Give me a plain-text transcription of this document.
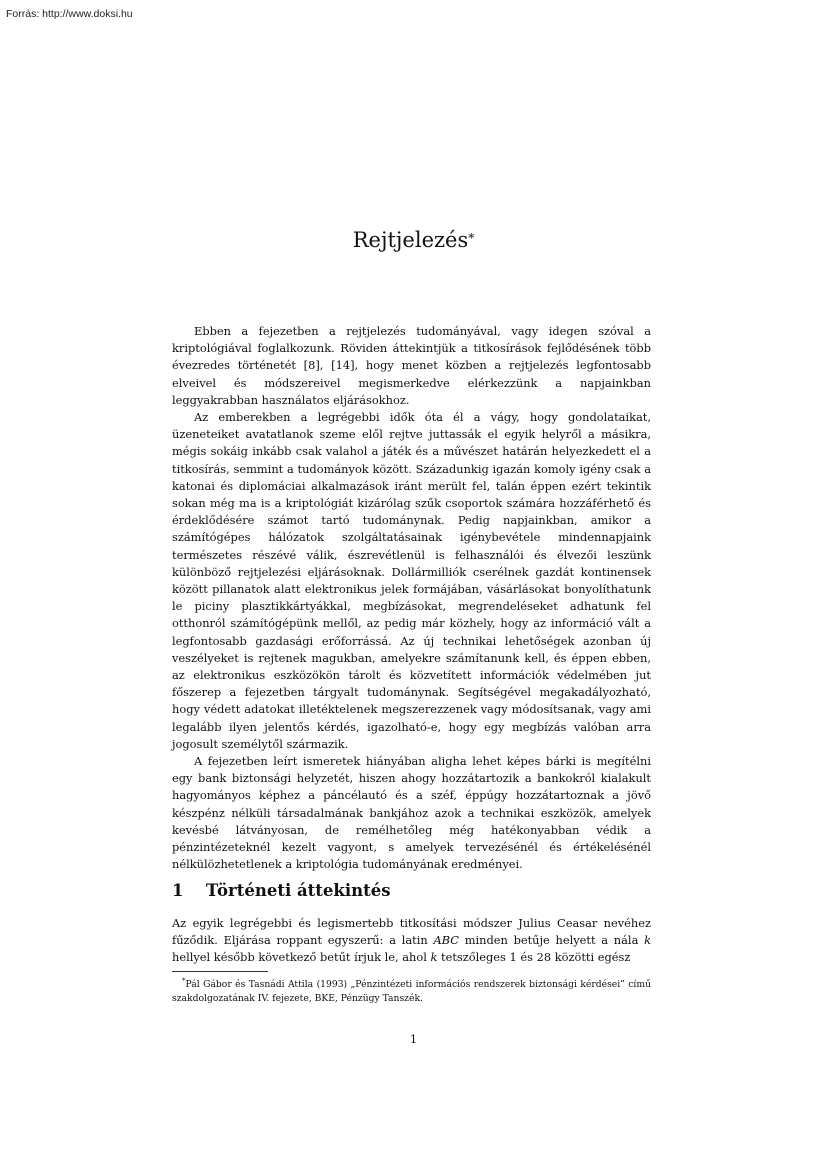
Forrás: http://www.doksi.hu
Rejtjelezés*

Ebben a fejezetben a rejtjelezés tudományával, vagy idegen szóval a kriptológiával foglalkozunk. Röviden áttekintjük a titkosírások fejlődésének több évezredes történetét [8], [14], hogy menet közben a rejtjelezés legfontosabb elveivel és módszereivel megismerkedve elérkezzünk a napjainkban leggyakrabban használatos eljárásokhoz.

Az emberekben a legrégebbi idők óta él a vágy, hogy gondolataikat, üzeneteiket avatatlanok szeme elől rejtve juttassák el egyik helyről a másikra, mégis sokáig inkább csak valahol a játék és a művészet határán helyezkedett el a titkosírás, semmint a tudományok között. Századunkig igazán komoly igény csak a katonai és diplomáciai alkalmazások iránt merült fel, talán éppen ezért tekintik sokan még ma is a kriptológiát kizárólag szűk csoportok számára hozzáférhető és érdeklődésére számot tartó tudománynak. Pedig napjainkban, amikor a számítógépes hálózatok szolgáltatásainak igénybevétele mindennapjaink természetes részévé válik, észrevétlenül is felhasználói és élvezői leszünk különböző rejtjelezési eljárásoknak. Dollármilliók cserélnek gazdát kontinensek között pillanatok alatt elektronikus jelek formájában, vásárlásokat bonyolíthatunk le piciny plasztikkártyákkal, megbízásokat, megrendeléseket adhatunk fel otthonról számítógépünk mellől, az pedig már közhely, hogy az információ vált a legfontosabb gazdasági erőforrássá. Az új technikai lehetőségek azonban új veszélyeket is rejtenek magukban, amelyekre számítanunk kell, és éppen ebben, az elektronikus eszközökön tárolt és közvetített információk védelmében jut főszerep a fejezetben tárgyalt tudománynak. Segítségével megakadályozható, hogy védett adatokat illetéktelenek megszerezzenek vagy módosítsanak, vagy ami legalább ilyen jelentős kérdés, igazolható-e, hogy egy megbízás valóban arra jogosult személytől származik.

A fejezetben leírt ismeretek hiányában aligha lehet képes bárki is megítélni egy bank biztonsági helyzetét, hiszen ahogy hozzátartozik a bankokról kialakult hagyományos képhez a páncélautó és a széf, éppúgy hozzátartoznak a jövő készpénz nélküli társadalmának bankjához azok a technikai eszközök, amelyek kevésbé látványosan, de remélhetőleg még hatékonyabban védik a pénzintézeteknél kezelt vagyont, s amelyek tervezésénél és értékelésénél nélkülözhetetlenek a kriptológia tudományának eredményei.

1 Történeti áttekintés

Az egyik legrégebbi és legismertebb titkosítási módszer Julius Ceasar nevéhez fűződik. Eljárása roppant egyszerű: a latin ABC minden betűje helyett a nála k hellyel később következő betűt írjuk le, ahol k tetszőleges 1 és 28 közötti egész

*Pál Gábor és Tasnádi Attila (1993) „Pénzintézeti információs rendszerek biztonsági kérdései” című szakdolgozatának IV. fejezete, BKE, Pénzügy Tanszék.
1
